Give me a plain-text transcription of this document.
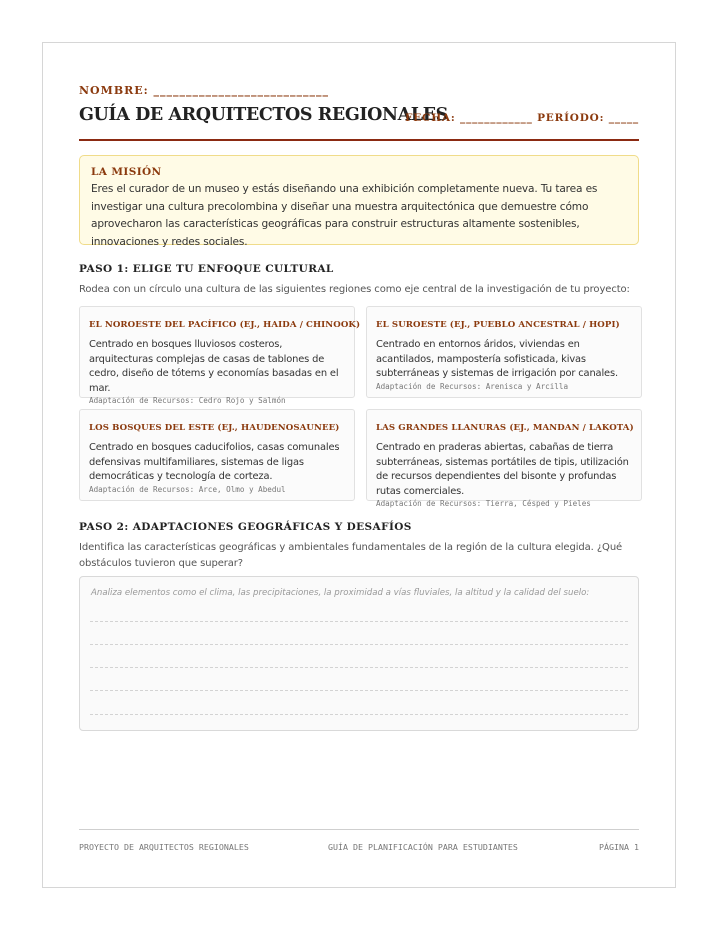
NOMBRE: ___________________________
GUÍA DE ARQUITECTOS REGIONALES
FECHA: ____________ PERÍODO: _____
LA MISIÓN
Eres el curador de un museo y estás diseñando una exhibición completamente nueva. Tu tarea es investigar una cultura precolombina y diseñar una muestra arquitectónica que demuestre cómo aprovecharon las características geográficas para construir estructuras altamente sostenibles, innovaciones y redes sociales.
PASO 1: ELIGE TU ENFOQUE CULTURAL
Rodea con un círculo una cultura de las siguientes regiones como eje central de la investigación de tu proyecto:
EL NOROESTE DEL PACÍFICO (EJ., HAIDA / CHINOOK)
Centrado en bosques lluviosos costeros, arquitecturas complejas de casas de tablones de cedro, diseño de tótems y economías basadas en el mar.
Adaptación de Recursos: Cedro Rojo y Salmón
EL SUROESTE (EJ., PUEBLO ANCESTRAL / HOPI)
Centrado en entornos áridos, viviendas en acantilados, mampostería sofisticada, kivas subterráneas y sistemas de irrigación por canales.
Adaptación de Recursos: Arenisca y Arcilla
LOS BOSQUES DEL ESTE (EJ., HAUDENOSAUNEE)
Centrado en bosques caducifolios, casas comunales defensivas multifamiliares, sistemas de ligas democráticas y tecnología de corteza.
Adaptación de Recursos: Arce, Olmo y Abedul
LAS GRANDES LLANURAS (EJ., MANDAN / LAKOTA)
Centrado en praderas abiertas, cabañas de tierra subterráneas, sistemas portátiles de tipis, utilización de recursos dependientes del bisonte y profundas rutas comerciales.
Adaptación de Recursos: Tierra, Césped y Pieles
PASO 2: ADAPTACIONES GEOGRÁFICAS Y DESAFÍOS
Identifica las características geográficas y ambientales fundamentales de la región de la cultura elegida. ¿Qué obstáculos tuvieron que superar?
Analiza elementos como el clima, las precipitaciones, la proximidad a vías fluviales, la altitud y la calidad del suelo:
PROYECTO DE ARQUITECTOS REGIONALES	GUÍA DE PLANIFICACIÓN PARA ESTUDIANTES	PÁGINA 1
